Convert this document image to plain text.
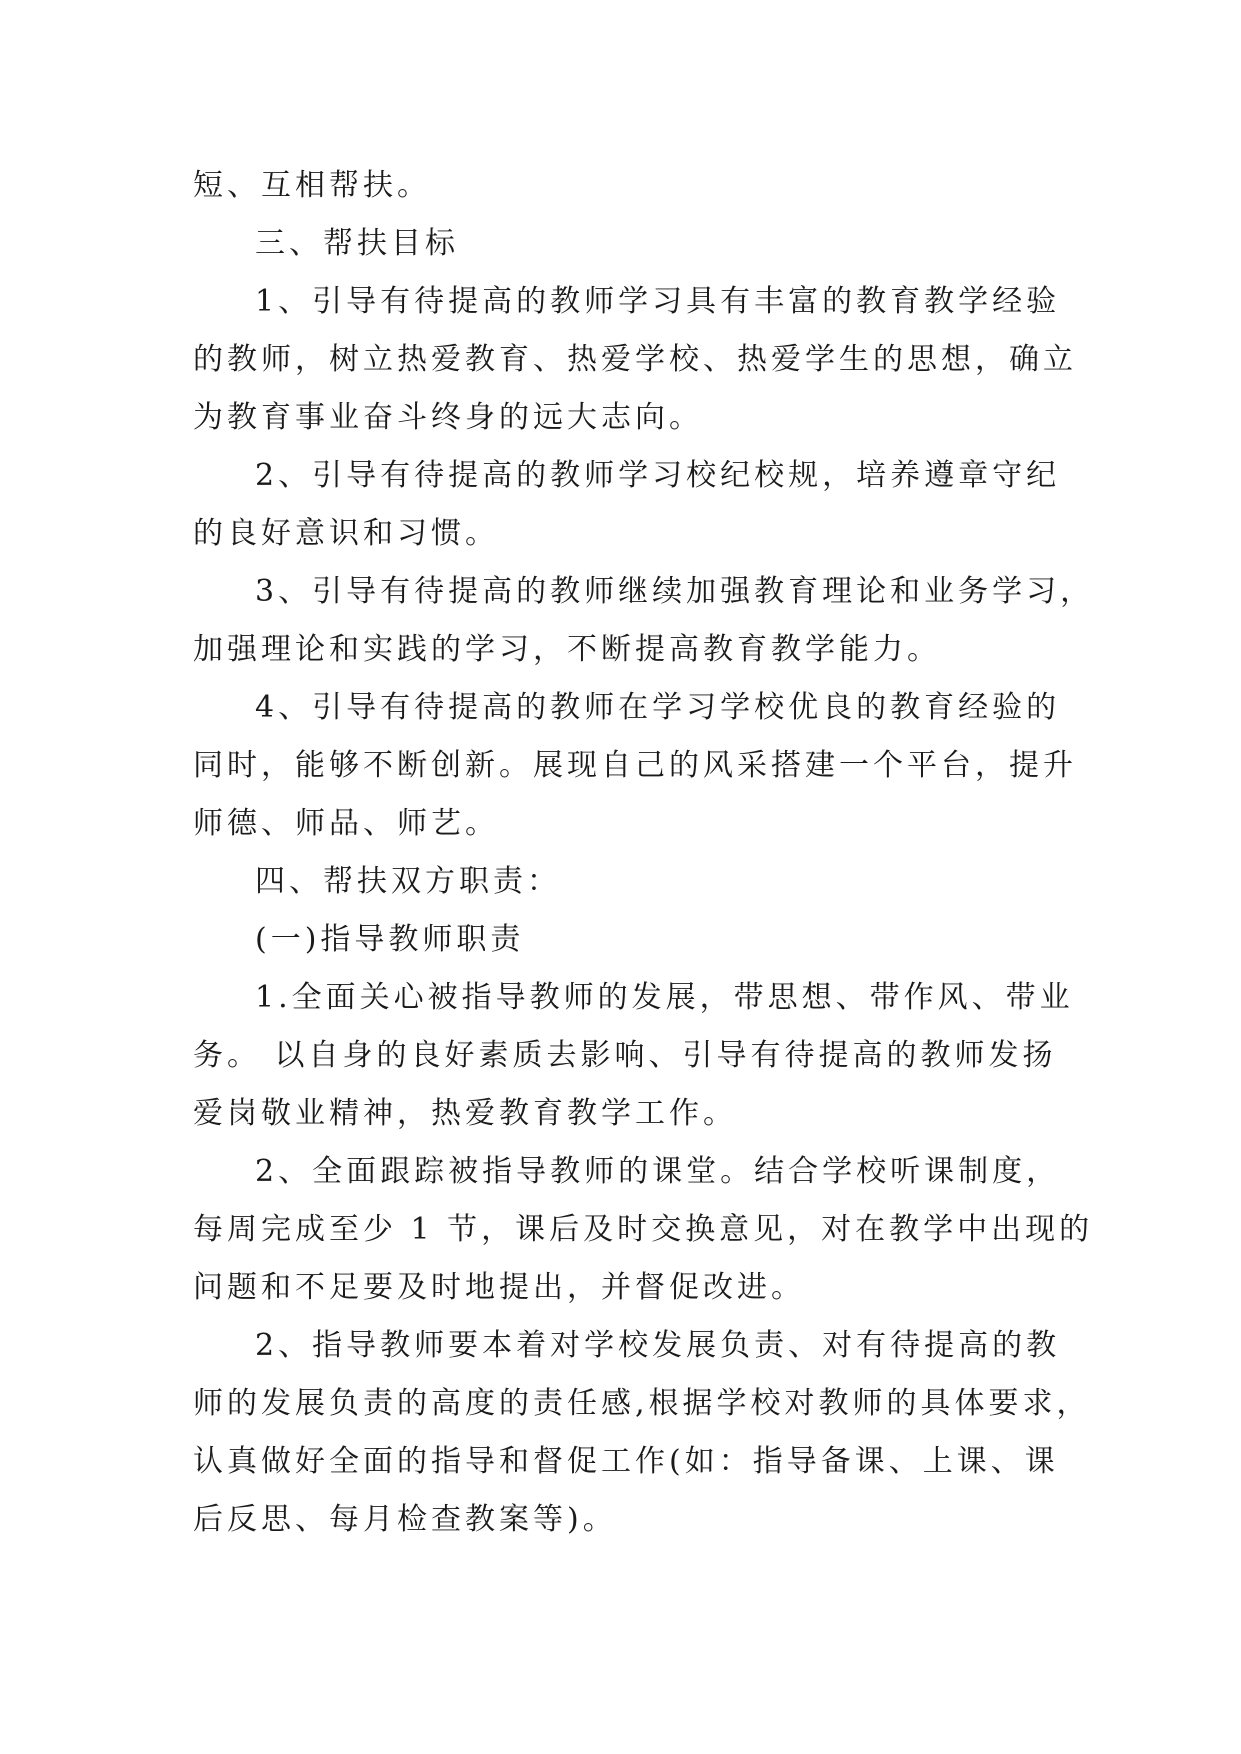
短、互相帮扶。

三、帮扶目标

1、引导有待提高的教师学习具有丰富的教育教学经验

的教师，树立热爱教育、热爱学校、热爱学生的思想，确立

为教育事业奋斗终身的远大志向。

2、引导有待提高的教师学习校纪校规，培养遵章守纪

的良好意识和习惯。

3、引导有待提高的教师继续加强教育理论和业务学习，

加强理论和实践的学习，不断提高教育教学能力。

4、引导有待提高的教师在学习学校优良的教育经验的

同时，能够不断创新。展现自己的风采搭建一个平台，提升

师德、师品、师艺。

四、帮扶双方职责：

(一)指导教师职责

1.全面关心被指导教师的发展，带思想、带作风、带业

务。 以自身的良好素质去影响、引导有待提高的教师发扬

爱岗敬业精神，热爱教育教学工作。

2、全面跟踪被指导教师的课堂。结合学校听课制度，

每周完成至少 1 节，课后及时交换意见，对在教学中出现的

问题和不足要及时地提出，并督促改进。

2、指导教师要本着对学校发展负责、对有待提高的教

师的发展负责的高度的责任感,根据学校对教师的具体要求，

认真做好全面的指导和督促工作(如：指导备课、上课、课

后反思、每月检查教案等)。
